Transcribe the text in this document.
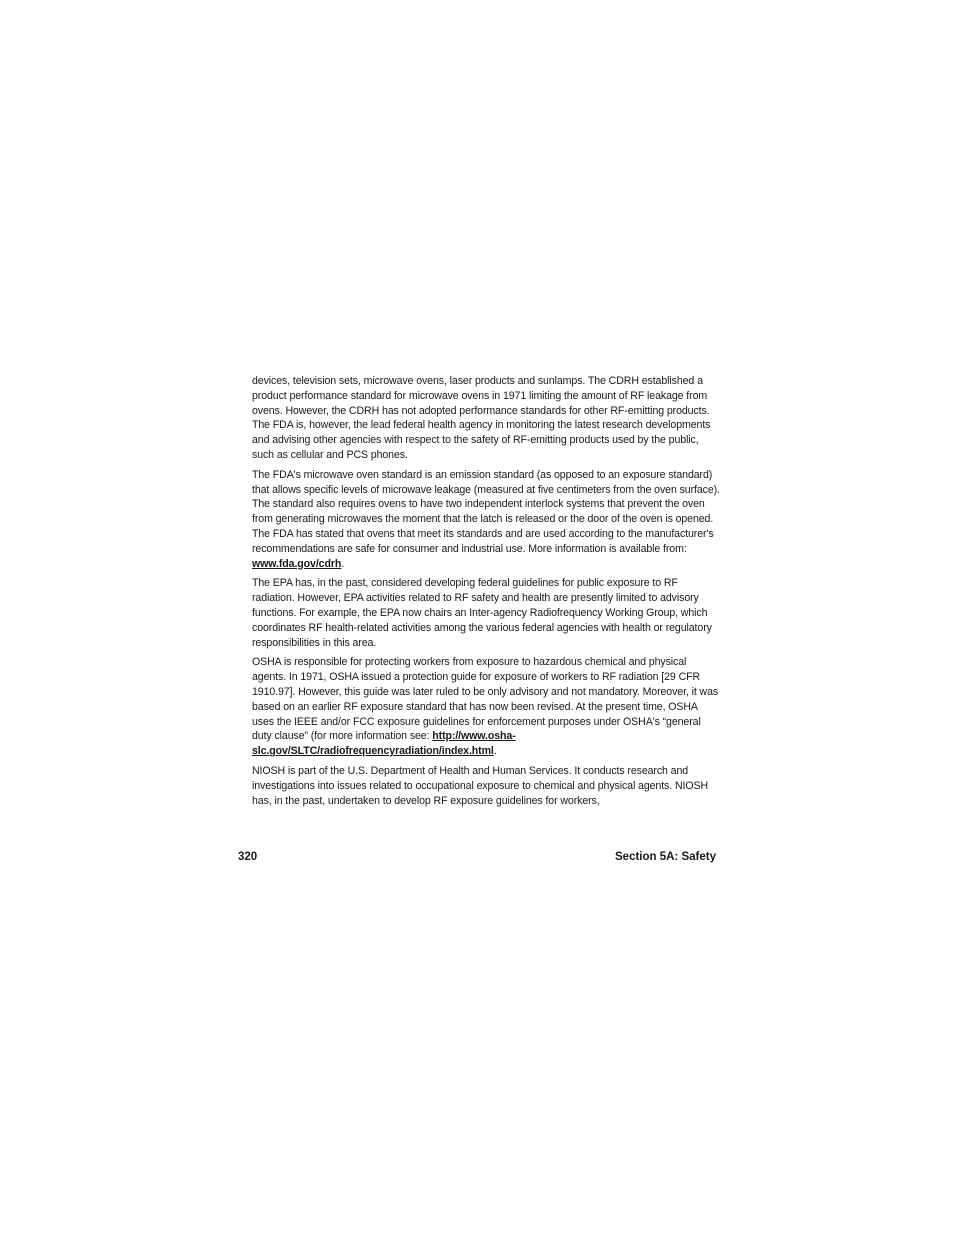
devices, television sets, microwave ovens, laser products and sunlamps. The CDRH established a product performance standard for microwave ovens in 1971 limiting the amount of RF leakage from ovens. However, the CDRH has not adopted performance standards for other RF-emitting products. The FDA is, however, the lead federal health agency in monitoring the latest research developments and advising other agencies with respect to the safety of RF-emitting products used by the public, such as cellular and PCS phones.

The FDA's microwave oven standard is an emission standard (as opposed to an exposure standard) that allows specific levels of microwave leakage (measured at five centimeters from the oven surface). The standard also requires ovens to have two independent interlock systems that prevent the oven from generating microwaves the moment that the latch is released or the door of the oven is opened. The FDA has stated that ovens that meet its standards and are used according to the manufacturer's recommendations are safe for consumer and industrial use. More information is available from: www.fda.gov/cdrh.

The EPA has, in the past, considered developing federal guidelines for public exposure to RF radiation. However, EPA activities related to RF safety and health are presently limited to advisory functions. For example, the EPA now chairs an Inter-agency Radiofrequency Working Group, which coordinates RF health-related activities among the various federal agencies with health or regulatory responsibilities in this area.

OSHA is responsible for protecting workers from exposure to hazardous chemical and physical agents. In 1971, OSHA issued a protection guide for exposure of workers to RF radiation [29 CFR 1910.97]. However, this guide was later ruled to be only advisory and not mandatory. Moreover, it was based on an earlier RF exposure standard that has now been revised. At the present time, OSHA uses the IEEE and/or FCC exposure guidelines for enforcement purposes under OSHA's “general duty clause” (for more information see: http://www.osha-slc.gov/SLTC/radiofrequencyradiation/index.html.

NIOSH is part of the U.S. Department of Health and Human Services. It conducts research and investigations into issues related to occupational exposure to chemical and physical agents. NIOSH has, in the past, undertaken to develop RF exposure guidelines for workers,

320	Section 5A: Safety
